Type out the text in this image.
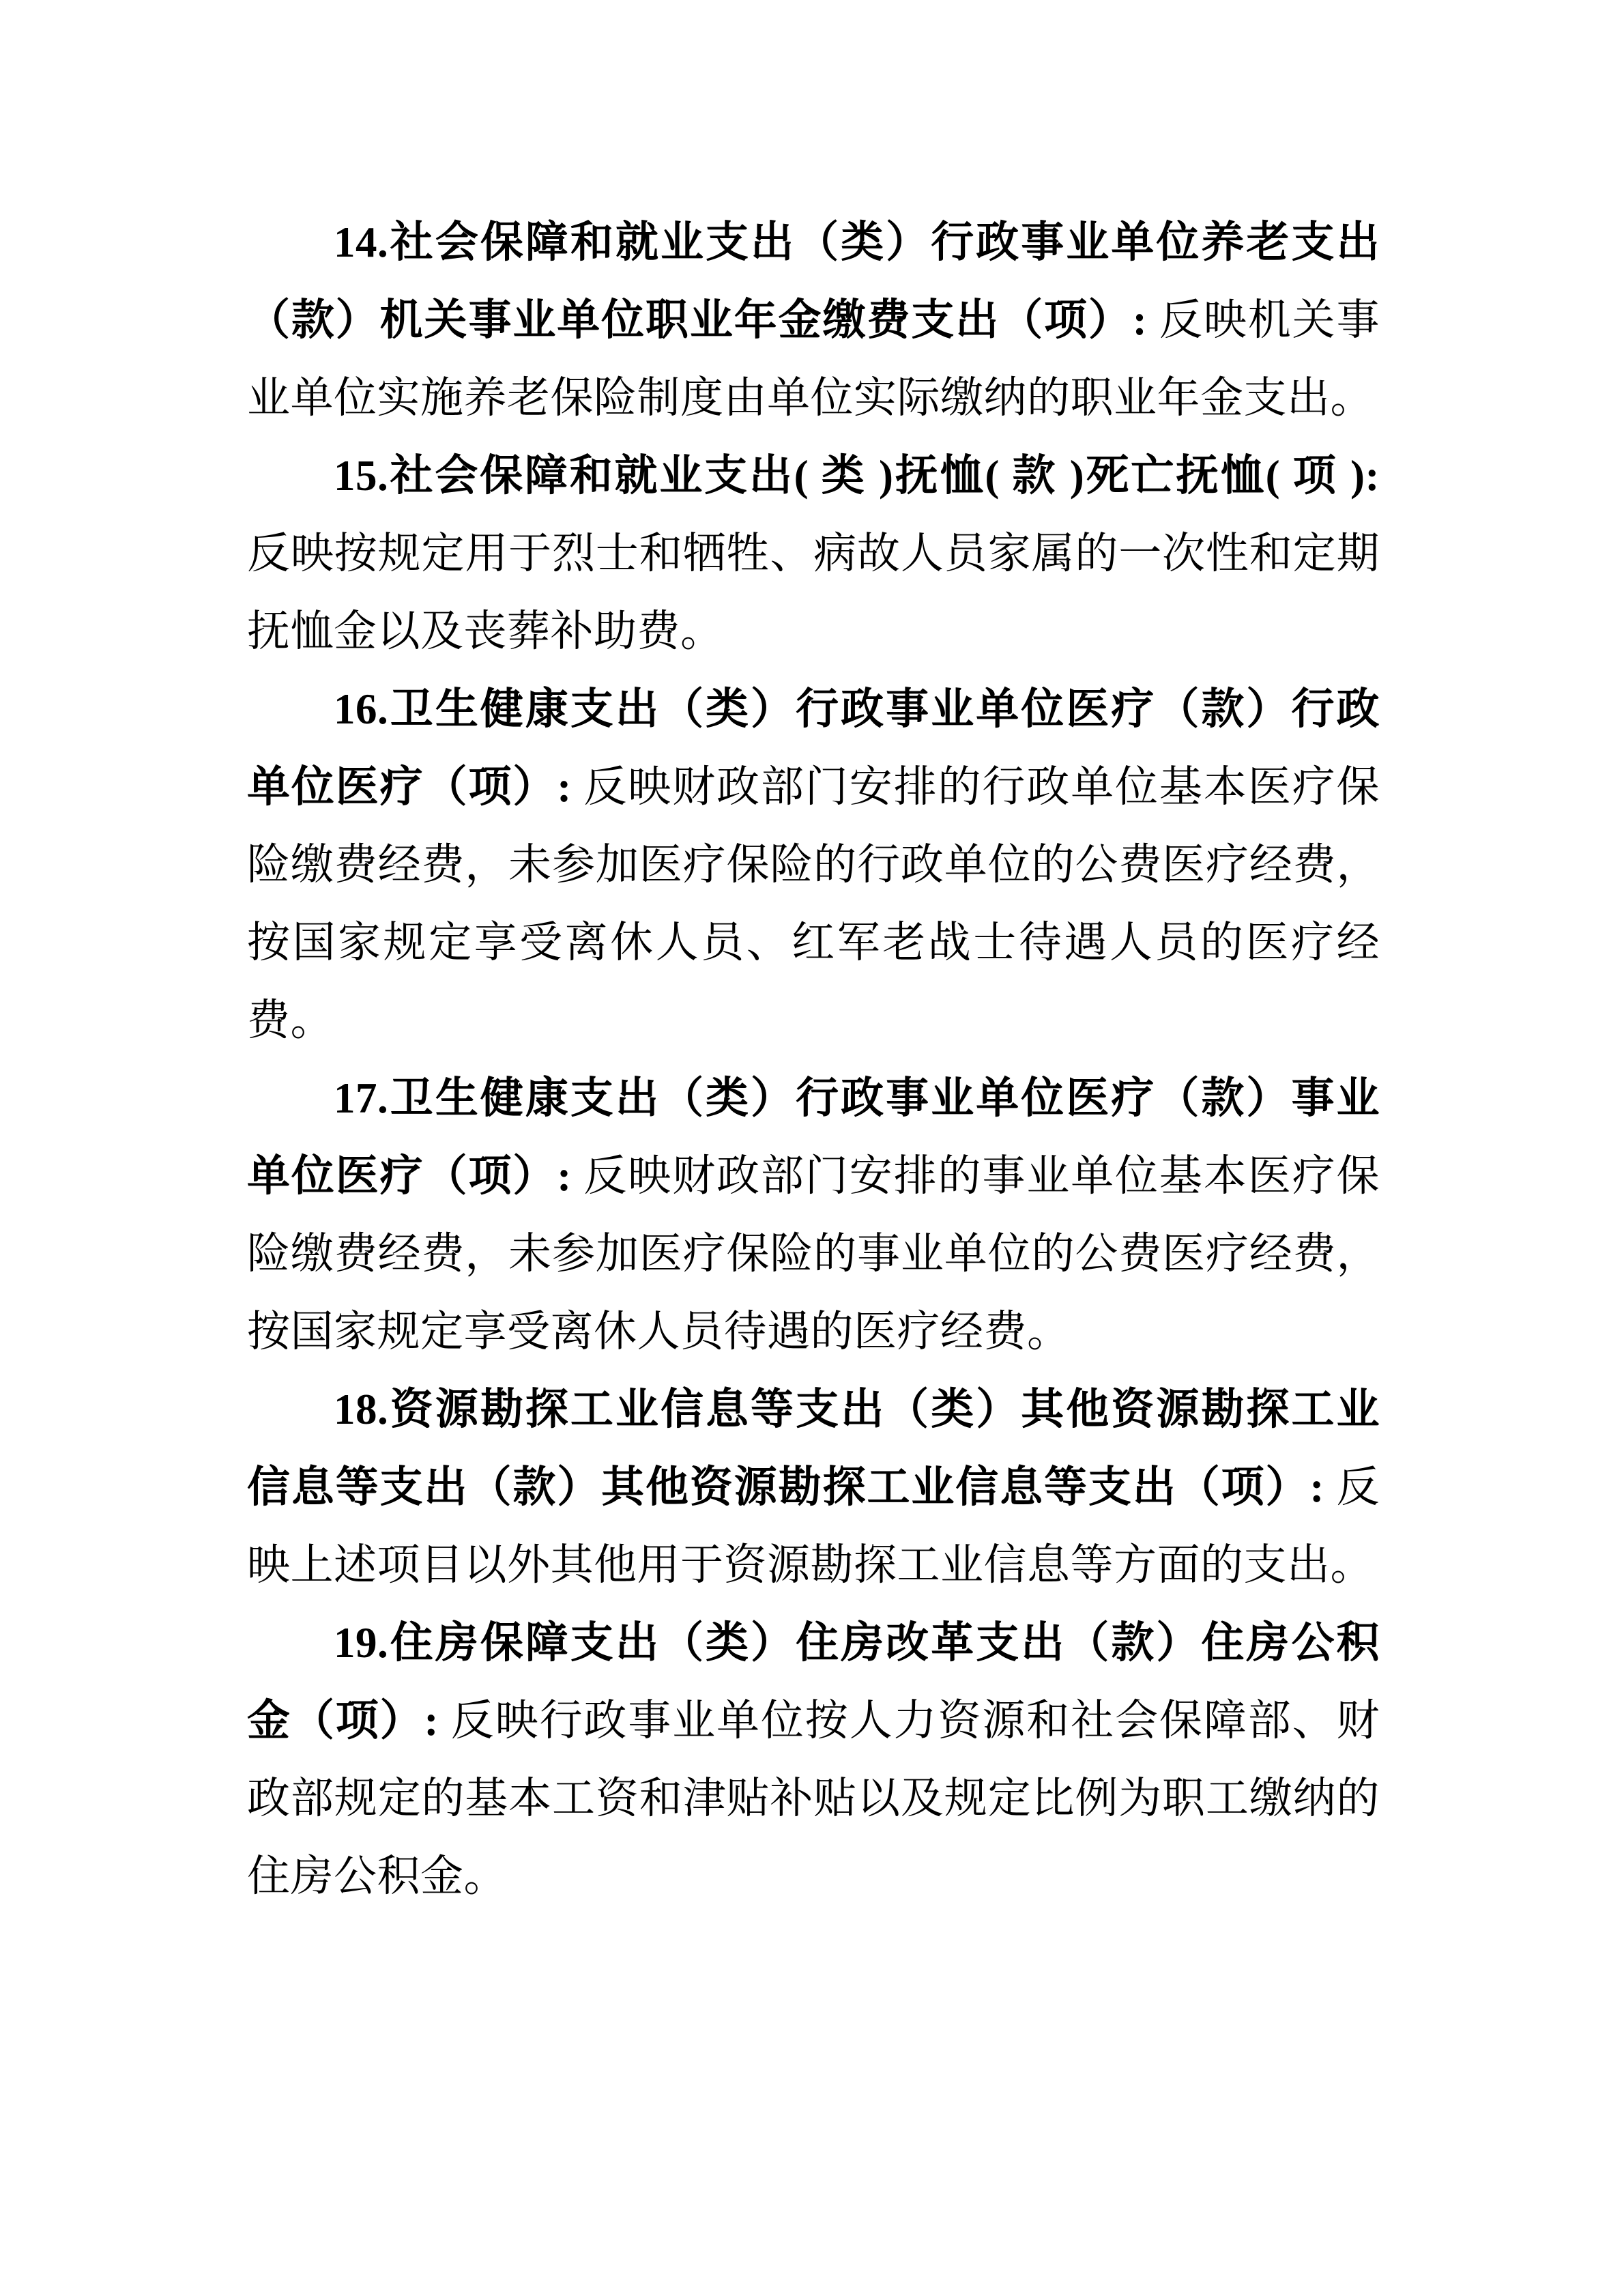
14.社会保障和就业支出（类）行政事业单位养老支出（款）机关事业单位职业年金缴费支出（项）: 反映机关事业单位实施养老保险制度由单位实际缴纳的职业年金支出。

15.社会保障和就业支出( 类 )抚恤( 款 )死亡抚恤( 项 ): 反映按规定用于烈士和牺牲、病故人员家属的一次性和定期抚恤金以及丧葬补助费。

16.卫生健康支出（类）行政事业单位医疗（款）行政单位医疗（项）: 反映财政部门安排的行政单位基本医疗保险缴费经费，未参加医疗保险的行政单位的公费医疗经费，按国家规定享受离休人员、红军老战士待遇人员的医疗经费。

17.卫生健康支出（类）行政事业单位医疗（款）事业单位医疗（项）: 反映财政部门安排的事业单位基本医疗保险缴费经费，未参加医疗保险的事业单位的公费医疗经费，按国家规定享受离休人员待遇的医疗经费。

18.资源勘探工业信息等支出（类）其他资源勘探工业信息等支出（款）其他资源勘探工业信息等支出（项）: 反映上述项目以外其他用于资源勘探工业信息等方面的支出。

19.住房保障支出（类）住房改革支出（款）住房公积金（项）: 反映行政事业单位按人力资源和社会保障部、财政部规定的基本工资和津贴补贴以及规定比例为职工缴纳的住房公积金。
